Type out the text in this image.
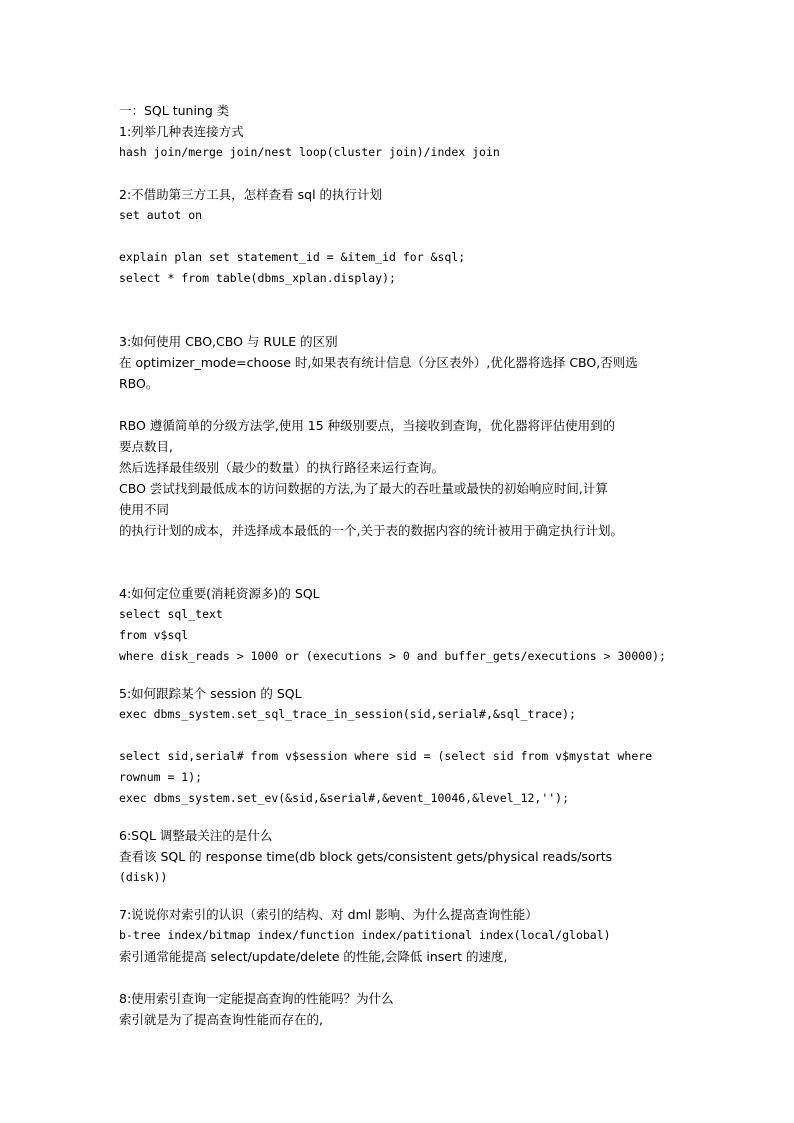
一：SQL tuning 类
1:列举几种表连接方式
hash join/merge join/nest loop(cluster join)/index join
2:不借助第三方工具，怎样查看 sql 的执行计划
set autot on
explain plan set statement_id = &item_id for &sql;
select * from table(dbms_xplan.display);
3:如何使用 CBO,CBO 与 RULE 的区别
在 optimizer_mode=choose 时,如果表有统计信息（分区表外）,优化器将选择 CBO,否则选
RBO。
RBO 遵循简单的分级方法学,使用 15 种级别要点，当接收到查询，优化器将评估使用到的
要点数目,
然后选择最佳级别（最少的数量）的执行路径来运行查询。
CBO 尝试找到最低成本的访问数据的方法,为了最大的吞吐量或最快的初始响应时间,计算
使用不同
的执行计划的成本，并选择成本最低的一个,关于表的数据内容的统计被用于确定执行计划。
4:如何定位重要(消耗资源多)的 SQL
select sql_text
from v$sql
where disk_reads > 1000 or (executions > 0 and buffer_gets/executions > 30000);
5:如何跟踪某个 session 的 SQL
exec dbms_system.set_sql_trace_in_session(sid,serial#,&sql_trace);
select sid,serial# from v$session where sid = (select sid from v$mystat where
rownum = 1);
exec dbms_system.set_ev(&sid,&serial#,&event_10046,&level_12,'');
6:SQL 调整最关注的是什么
查看该 SQL 的 response time(db block gets/consistent gets/physical reads/sorts
(disk))
7:说说你对索引的认识（索引的结构、对 dml 影响、为什么提高查询性能）
b-tree index/bitmap index/function index/patitional index(local/global)
索引通常能提高 select/update/delete 的性能,会降低 insert 的速度,
8:使用索引查询一定能提高查询的性能吗？为什么
索引就是为了提高查询性能而存在的,
